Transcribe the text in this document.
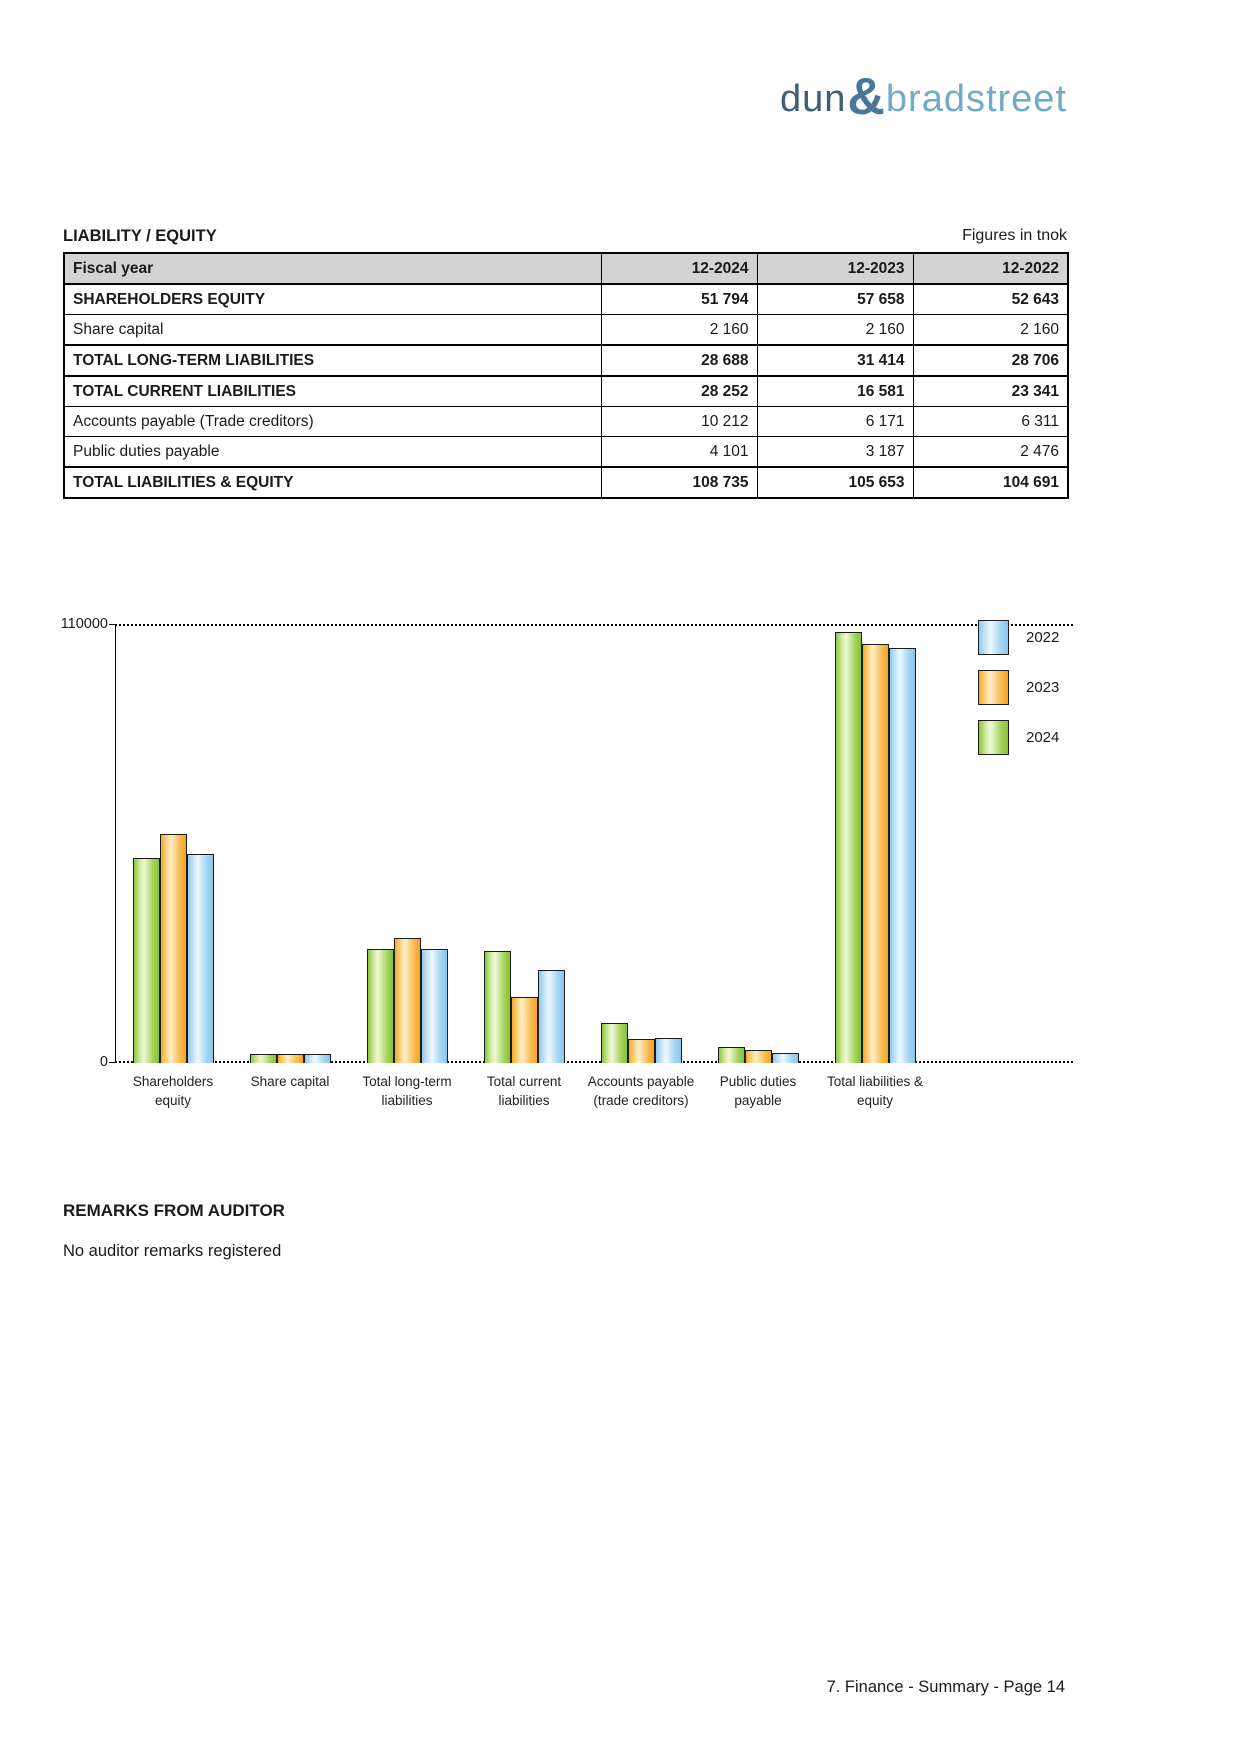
dun & bradstreet
LIABILITY / EQUITY	Figures in tnok
Fiscal year	12-2024	12-2023	12-2022
SHAREHOLDERS EQUITY	51 794	57 658	52 643
Share capital	2 160	2 160	2 160
TOTAL LONG-TERM LIABILITIES	28 688	31 414	28 706
TOTAL CURRENT LIABILITIES	28 252	16 581	23 341
Accounts payable (Trade creditors)	10 212	6 171	6 311
Public duties payable	4 101	3 187	2 476
TOTAL LIABILITIES & EQUITY	108 735	105 653	104 691
110000
0
Shareholders
equity
Share capital	Total long-term
liabilities
Total current
liabilities
Accounts payable
(trade creditors)
Public duties
payable
Total liabilities &
equity
2022
2023
2024
REMARKS FROM AUDITOR
No auditor remarks registered
7. Finance - Summary - Page 14
